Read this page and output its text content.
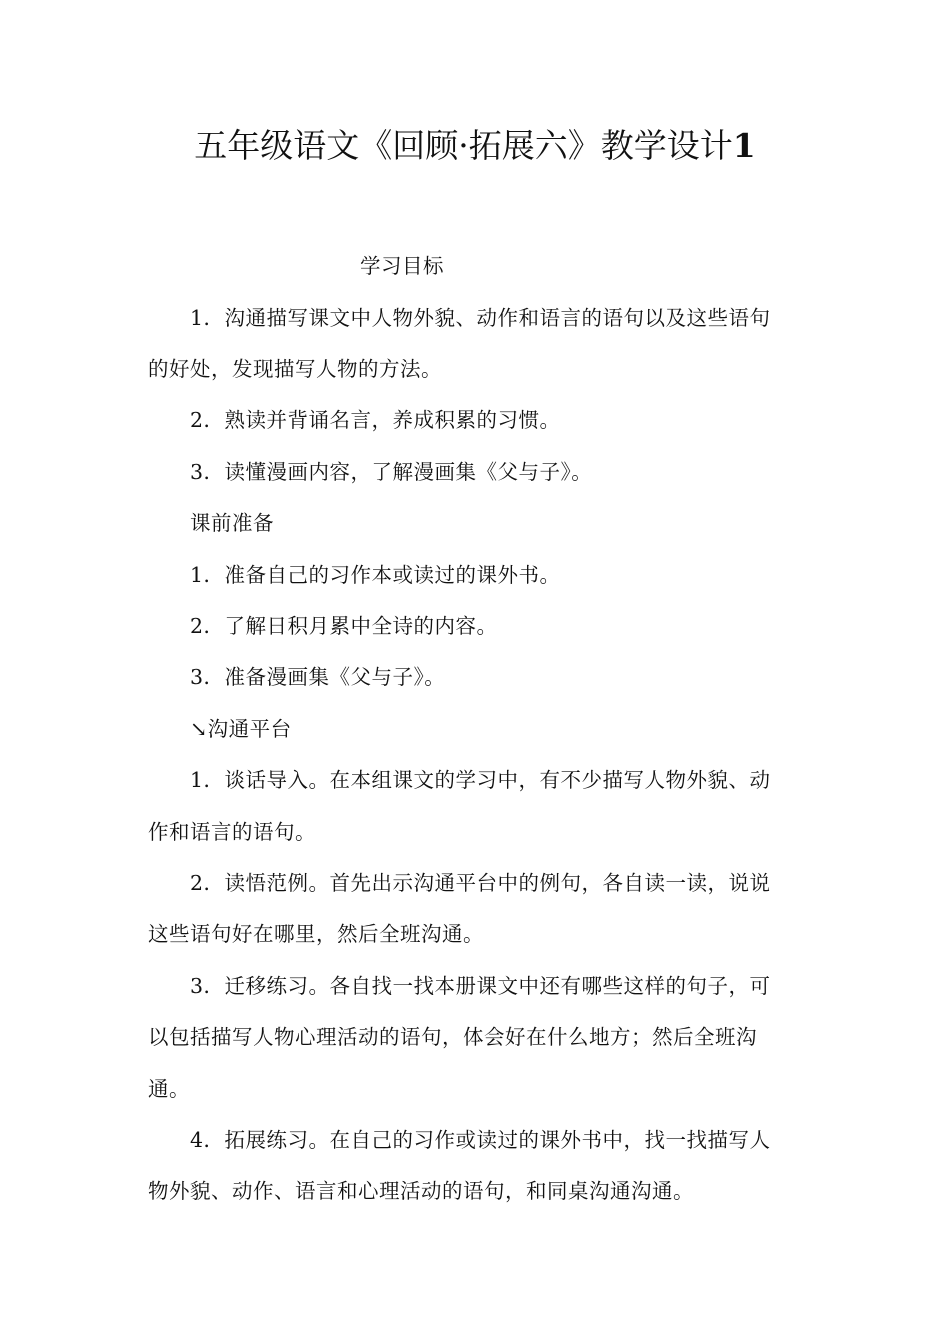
五年级语文《回顾·拓展六》教学设计1
学习目标
1．沟通描写课文中人物外貌、动作和语言的语句以及这些语句
的好处，发现描写人物的方法。
2．熟读并背诵名言，养成积累的习惯。
3．读懂漫画内容，了解漫画集《父与子》。
课前准备
1．准备自己的习作本或读过的课外书。
2．了解日积月累中全诗的内容。
3．准备漫画集《父与子》。
↘沟通平台
1．谈话导入。在本组课文的学习中，有不少描写人物外貌、动
作和语言的语句。
2．读悟范例。首先出示沟通平台中的例句，各自读一读，说说
这些语句好在哪里，然后全班沟通。
3．迁移练习。各自找一找本册课文中还有哪些这样的句子，可
以包括描写人物心理活动的语句，体会好在什么地方；然后全班沟
通。
4．拓展练习。在自己的习作或读过的课外书中，找一找描写人
物外貌、动作、语言和心理活动的语句，和同桌沟通沟通。
